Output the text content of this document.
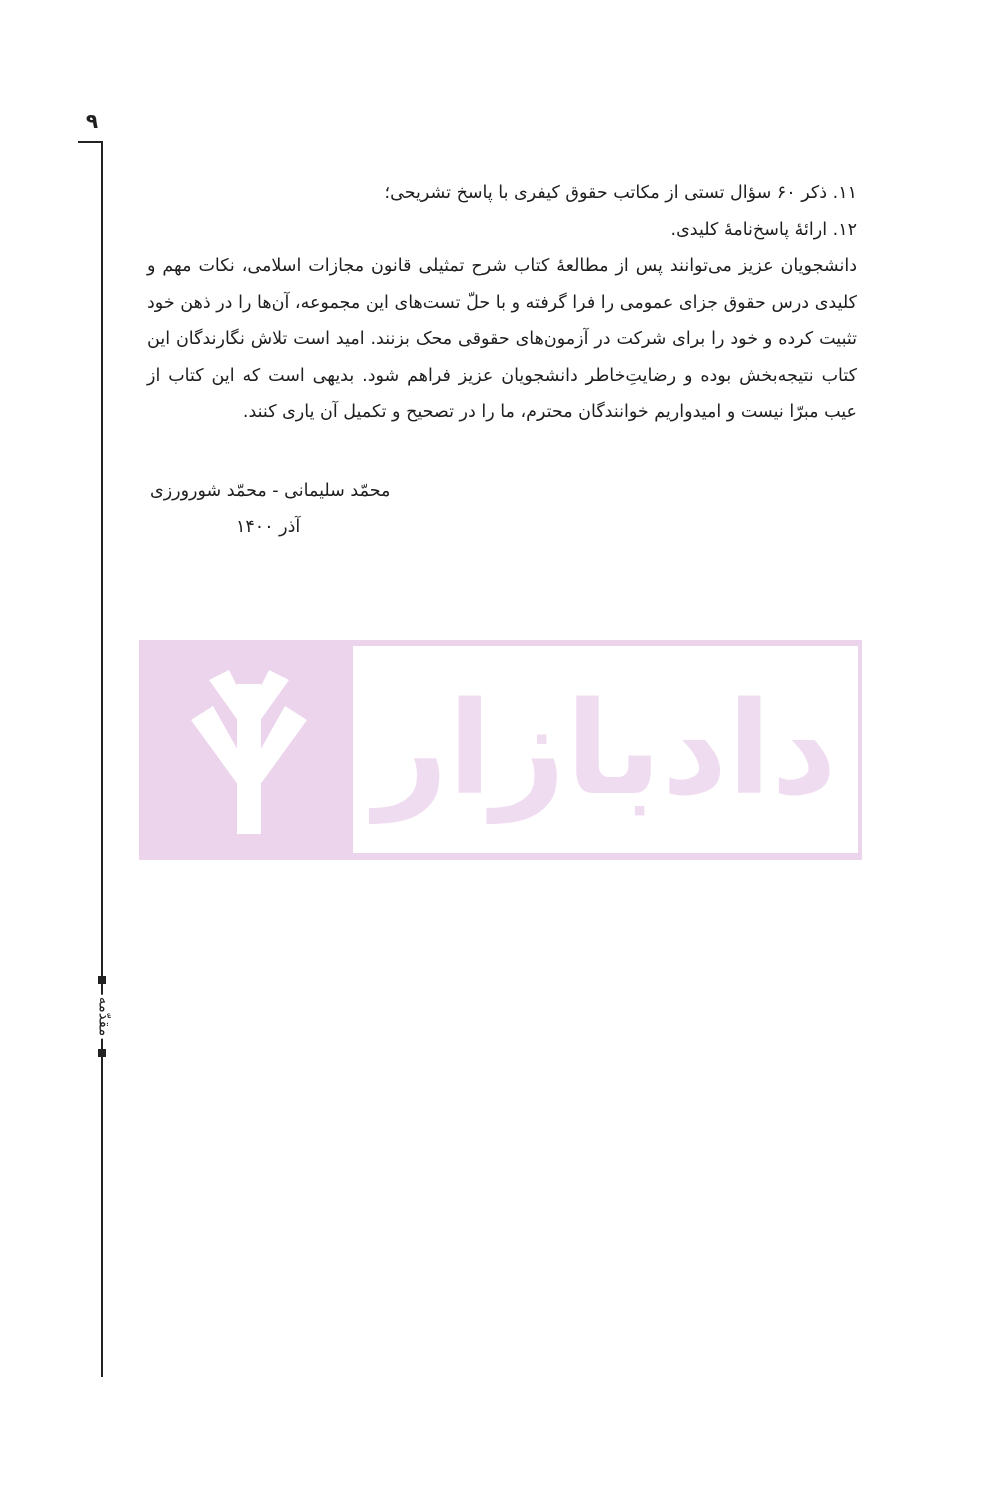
۹
مقدّمه

۱۱. ذکر ۶۰ سؤال تستی از مکاتب حقوق کیفری با پاسخ تشریحی؛

۱۲. ارائهٔ پاسخ‌نامهٔ کلیدی.

دانشجویان عزیز می‌توانند پس از مطالعهٔ کتاب شرح تمثیلی قانون مجازات اسلامی، نکات مهم و کلیدی درس حقوق جزای عمومی را فرا گرفته و با حلّ تست‌های این مجموعه، آن‌ها را در ذهن خود تثبیت کرده و خود را برای شرکت در آزمون‌های حقوقی محک بزنند. امید است تلاش نگارندگان این کتاب نتیجه‌بخش بوده و رضایتِ‌خاطر دانشجویان عزیز فراهم شود. بدیهی است که این کتاب از عیب مبرّا نیست و امیدواریم خوانندگان محترم، ما را در تصحیح و تکمیل آن یاری کنند.

محمّد سلیمانی - محمّد شورورزی
آذر ۱۴۰۰
دادبازار
